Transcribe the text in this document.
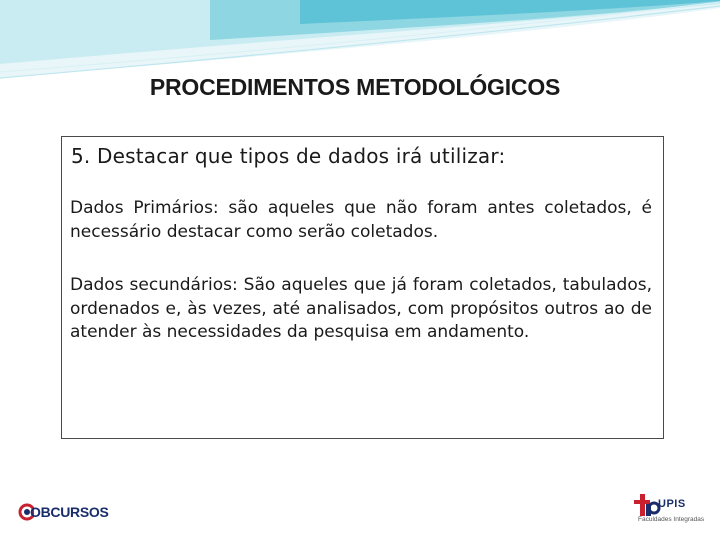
PROCEDIMENTOS METODOLÓGICOS
5. Destacar que tipos de dados irá utilizar:
Dados Primários: são aqueles que não foram antes coletados, é necessário destacar como serão coletados.
Dados secundários: São aqueles que já foram coletados, tabulados, ordenados e, às vezes, até analisados, com propósitos outros ao de atender às necessidades da pesquisa em andamento.
OBCURSOS	UPIS
Faculdades Integradas
